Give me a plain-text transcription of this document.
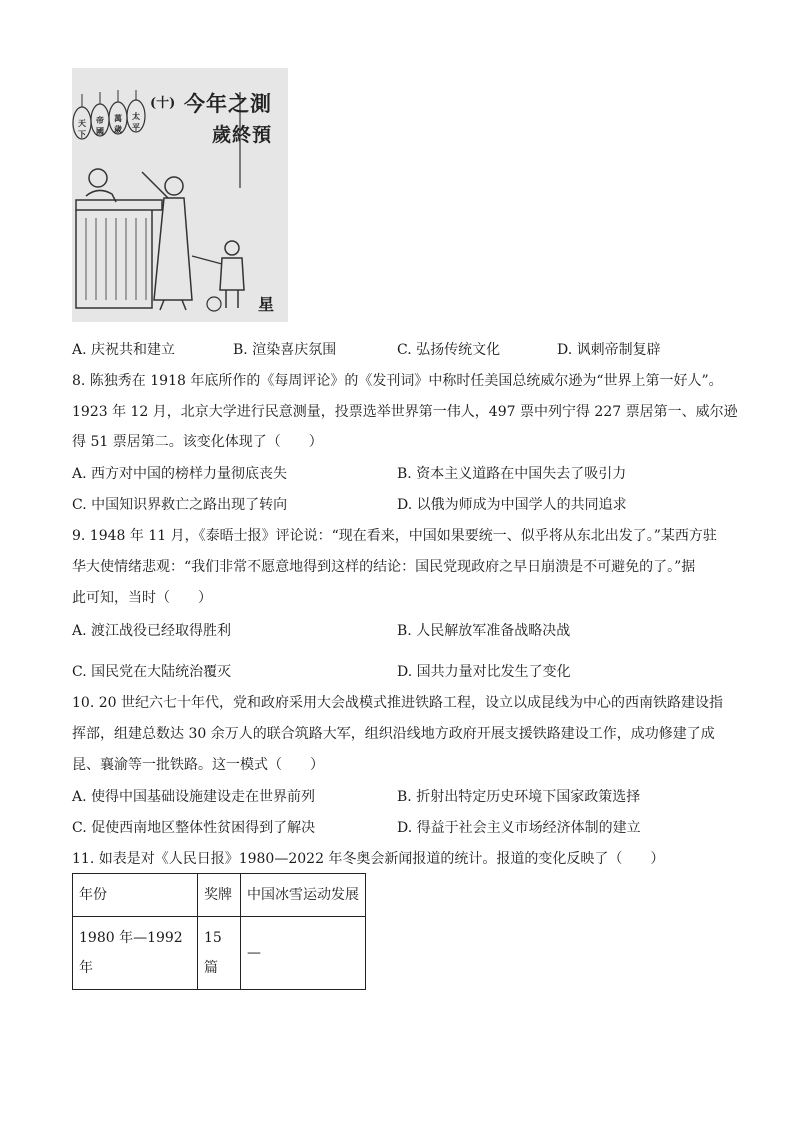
(十) 今年之測
歲終預
天下
帝國
萬歲
太平
星
A. 庆祝共和建立	B. 渲染喜庆氛围	C. 弘扬传统文化	D. 讽刺帝制复辟
8. 陈独秀在 1918 年底所作的《每周评论》的《发刊词》中称时任美国总统威尔逊为“世界上第一好人”。
1923 年 12 月，北京大学进行民意测量，投票选举世界第一伟人，497 票中列宁得 227 票居第一、威尔逊
得 51 票居第二。该变化体现了（　　）
A. 西方对中国的榜样力量彻底丧失	B. 资本主义道路在中国失去了吸引力
C. 中国知识界救亡之路出现了转向	D. 以俄为师成为中国学人的共同追求
9. 1948 年 11 月，《泰晤士报》评论说：“现在看来，中国如果要统一、似乎将从东北出发了。”某西方驻
华大使情绪悲观：“我们非常不愿意地得到这样的结论：国民党现政府之早日崩溃是不可避免的了。”据
此可知，当时（　　）
A. 渡江战役已经取得胜利	B. 人民解放军准备战略决战
C. 国民党在大陆统治覆灭	D. 国共力量对比发生了变化
10. 20 世纪六七十年代，党和政府采用大会战模式推进铁路工程，设立以成昆线为中心的西南铁路建设指
挥部，组建总数达 30 余万人的联合筑路大军，组织沿线地方政府开展支援铁路建设工作，成功修建了成
昆、襄渝等一批铁路。这一模式（　　）
A. 使得中国基础设施建设走在世界前列	B. 折射出特定历史环境下国家政策选择
C. 促使西南地区整体性贫困得到了解决	D. 得益于社会主义市场经济体制的建立
11. 如表是对《人民日报》1980—2022 年冬奥会新闻报道的统计。报道的变化反映了（　　）
年份	奖牌	中国冰雪运动发展
1980 年—1992 年	15 篇	—
